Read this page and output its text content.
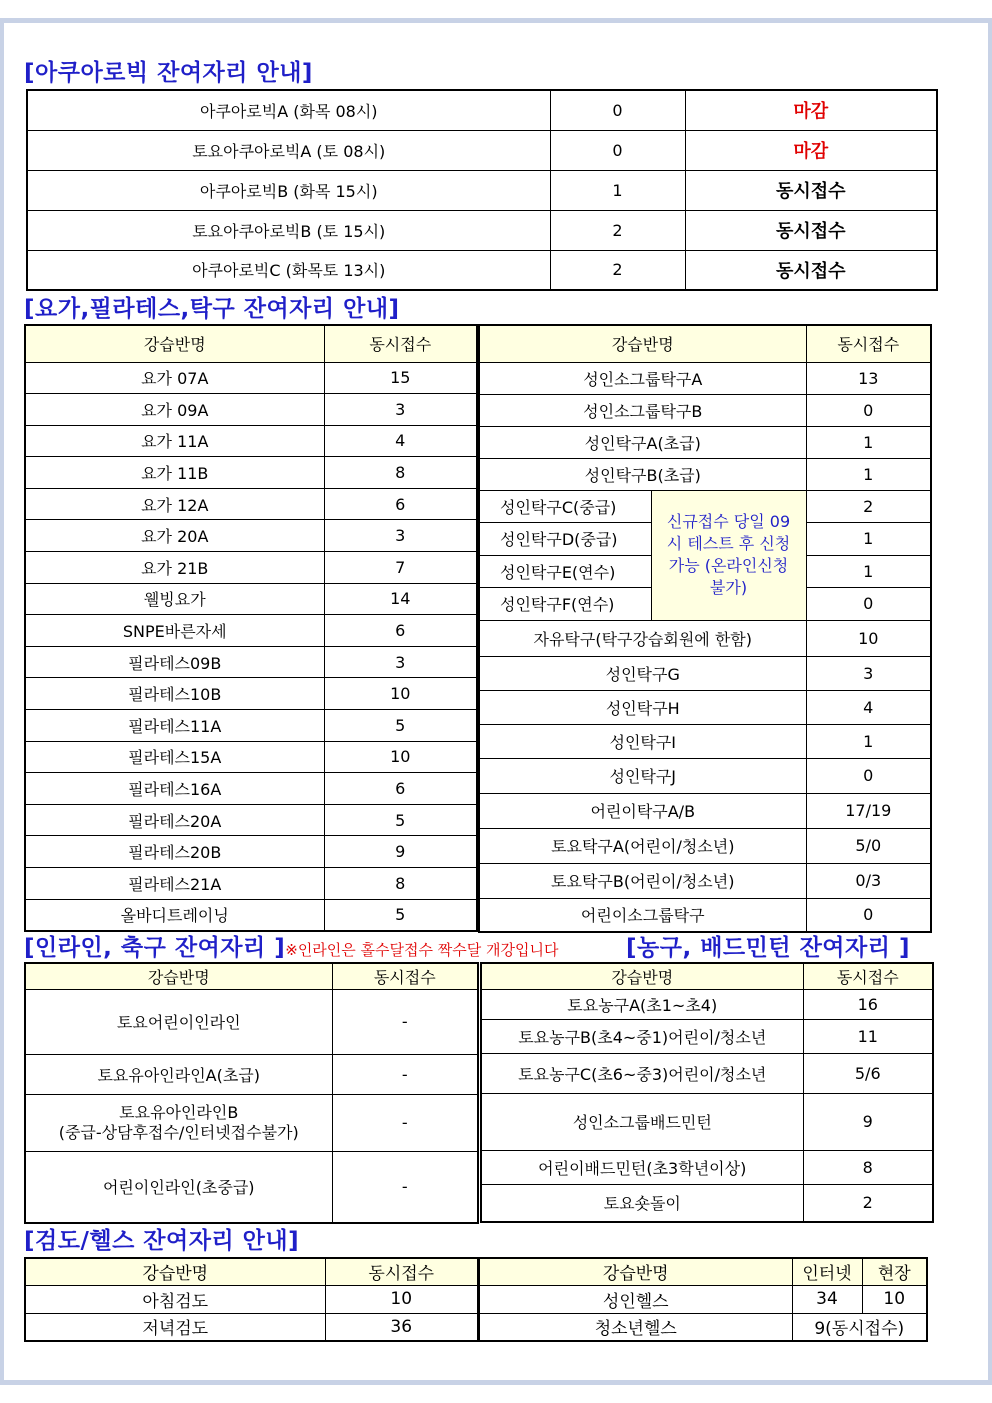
[아쿠아로빅 잔여자리 안내]
아쿠아로빅A (화목 08시)	0	마감
토요아쿠아로빅A (토 08시)	0	마감
아쿠아로빅B (화목 15시)	1	동시접수
토요아쿠아로빅B (토 15시)	2	동시접수
아쿠아로빅C (화목토 13시)	2	동시접수
[요가,필라테스,탁구 잔여자리 안내]
강습반명	동시접수
요가 07A	15
요가 09A	3
요가 11A	4
요가 11B	8
요가 12A	6
요가 20A	3
요가 21B	7
웰빙요가	14
SNPE바른자세	6
필라테스09B	3
필라테스10B	10
필라테스11A	5
필라테스15A	10
필라테스16A	6
필라테스20A	5
필라테스20B	9
필라테스21A	8
올바디트레이닝	5
강습반명		동시접수
성인소그룹탁구A		13
성인소그룹탁구B		0
성인탁구A(초급)		1
성인탁구B(초급)		1
성인탁구C(중급)	신규접수 당일 09시 테스트 후 신청가능 (온라인신청불가)	2
성인탁구D(중급)		1
성인탁구E(연수)		1
성인탁구F(연수)		0
자유탁구(탁구강습회원에 한함)		10
성인탁구G		3
성인탁구H		4
성인탁구I		1
성인탁구J		0
어린이탁구A/B		17/19
토요탁구A(어린이/청소년)		5/0
토요탁구B(어린이/청소년)		0/3
어린이소그룹탁구		0
[인라인, 축구 잔여자리 ]※인라인은 홀수달접수 짝수달 개강입니다	[농구, 배드민턴 잔여자리 ]
강습반명	동시접수
토요어린이인라인	-
토요유아인라인A(초급)	-

토요유아인라인B
(중급-상담후접수/인터넷접수불가)	-
어린이인라인(초중급)	-
강습반명	동시접수
토요농구A(초1~초4)	16
토요농구B(초4~중1)어린이/청소년	11
토요농구C(초6~중3)어린이/청소년	5/6
성인소그룹배드민턴	9
어린이배드민턴(초3학년이상)	8
토요숏돌이	2
[검도/헬스 잔여자리 안내]
강습반명	동시접수
아침검도	10
저녁검도	36
강습반명	인터넷	현장
성인헬스	34	10
청소년헬스	9(동시접수)	
